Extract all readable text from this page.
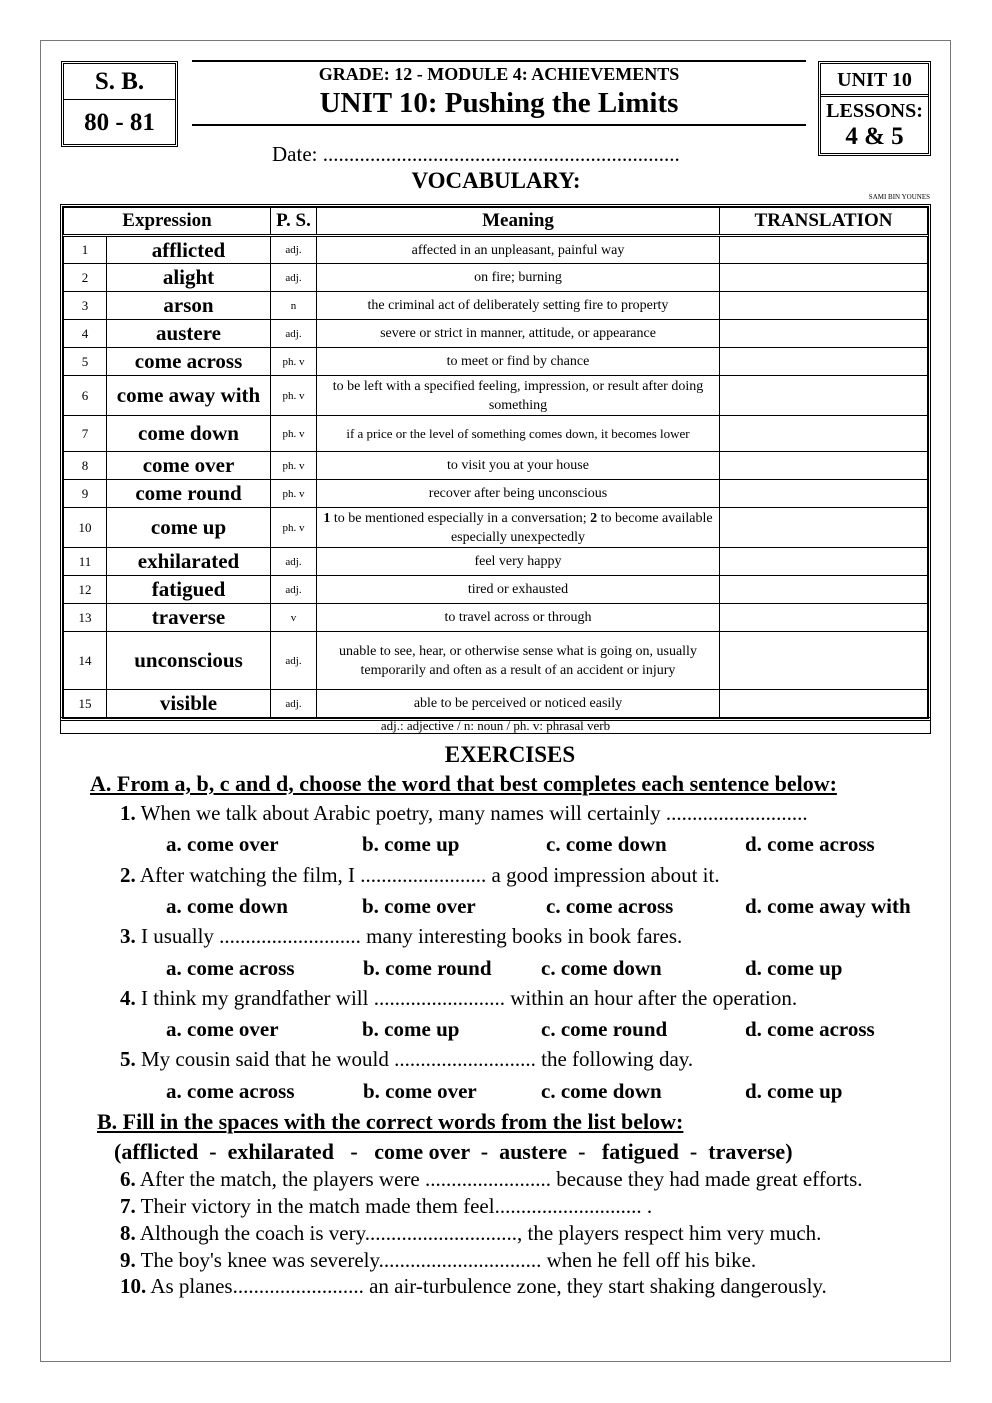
S. B.
80 - 81
UNIT 10
LESSONS:
4 & 5
GRADE: 12 - MODULE 4: ACHIEVEMENTS
UNIT 10: Pushing the Limits
Date: ....................................................................
VOCABULARY:
SAMI BIN YOUNES
Expression		P. S.	Meaning	TRANSLATION
1	afflicted	adj.	affected in an unpleasant, painful way	
2	alight	adj.	on fire; burning	
3	arson	n	the criminal act of deliberately setting fire to property	
4	austere	adj.	severe or strict in manner, attitude, or appearance	
5	come across	ph. v	to meet or find by chance	
6	come away with	ph. v	to be left with a specified feeling, impression, or result after doing something	
7	come down	ph. v	if a price or the level of something comes down, it becomes lower	
8	come over	ph. v	to visit you at your house	
9	come round	ph. v	recover after being unconscious	
10	come up	ph. v	1 to be mentioned especially in a conversation; 2 to become available especially unexpectedly	
11	exhilarated	adj.	feel very happy	
12	fatigued	adj.	tired or exhausted	
13	traverse	v	to travel across or through	
14	unconscious	adj.	unable to see, hear, or otherwise sense what is going on, usually temporarily and often as a result of an accident or injury	
15	visible	adj.	able to be perceived or noticed easily	
adj.: adjective / n: noun / ph. v: phrasal verb
EXERCISES
A. From a, b, c and d, choose the word that best completes each sentence below:
1. When we talk about Arabic poetry, many names will certainly ...........................
a. come over	b. come up	c. come down	d. come across
2. After watching the film, I ........................ a good impression about it.
a. come down	b. come over	c. come across	d. come away with
3. I usually ........................... many interesting books in book fares.
a. come across	b. come round c. come down	d. come up
4. I think my grandfather will ......................... within an hour after the operation.
a. come over	b. come up	c. come round	d. come across
5. My cousin said that he would ........................... the following day.
a. come across	b. come over	c. come down	d. come up
B. Fill in the spaces with the correct words from the list below:
(afflicted  -  exhilarated   -   come over  -  austere  -   fatigued  -  traverse)
6. After the match, the players were ........................ because they had made great efforts.
7. Their victory in the match made them feel............................ .
8. Although the coach is very............................., the players respect him very much.
9. The boy's knee was severely............................... when he fell off his bike.
10. As planes......................... an air-turbulence zone, they start shaking dangerously.
